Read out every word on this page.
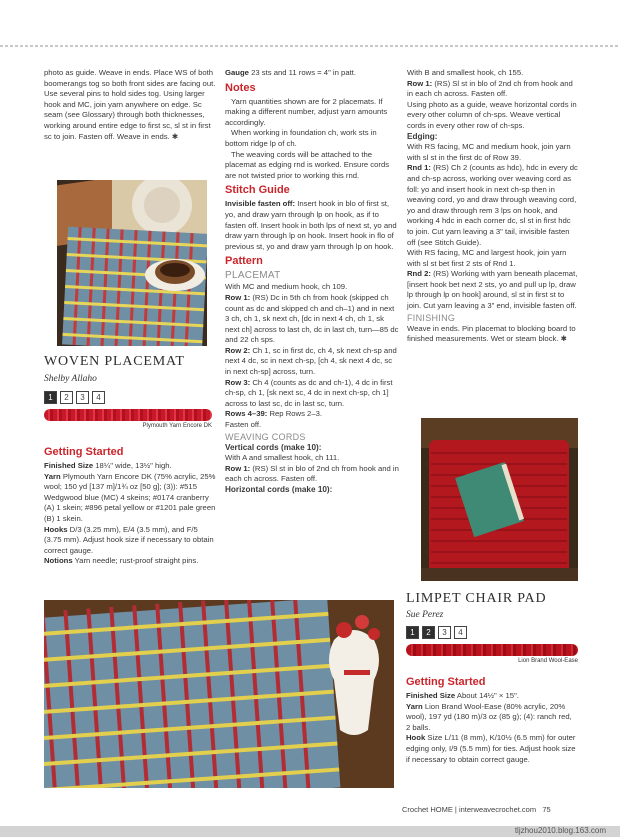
photo as guide. Weave in ends. Place WS of both boomerangs tog so both front sides are facing out. Use several pins to hold sides tog. Using larger hook and MC, join yarn anywhere on edge. Sc seam (see Glossary) through both thicknesses, working around entire edge to first sc, sl st in first sc to join. Fasten off. Weave in ends. ✱

WOVEN PLACEMAT
Shelby Allaho
1	2	3	4
Plymouth Yarn Encore DK
Getting Started

Finished Size 18¼" wide, 13½" high.

Yarn Plymouth Yarn Encore DK (75% acrylic, 25% wool; 150 yd [137 m]/1¾ oz [50 g]; (3)): #515 Wedgwood blue (MC) 4 skeins; #0174 cranberry (A) 1 skein; #896 petal yellow or #1201 pale green (B) 1 skein.

Hooks D/3 (3.25 mm), E/4 (3.5 mm), and F/5 (3.75 mm). Adjust hook size if necessary to obtain correct gauge.

Notions Yarn needle; rust-proof straight pins.

Gauge 23 sts and 11 rows = 4" in patt.

Notes

Yarn quantities shown are for 2 placemats. If making a different number, adjust yarn amounts accordingly.

When working in foundation ch, work sts in bottom ridge lp of ch.

The weaving cords will be attached to the placemat as edging rnd is worked. Ensure cords are not twisted prior to working this rnd.

Stitch Guide

Invisible fasten off: Insert hook in blo of first st, yo, and draw yarn through lp on hook, as if to fasten off. Insert hook in both lps of next st, yo and draw yarn through lp on hook. Insert hook in flo of previous st, yo and draw yarn through lp on hook.

Pattern
PLACEMAT

With MC and medium hook, ch 109.

Row 1: (RS) Dc in 5th ch from hook (skipped ch count as dc and skipped ch and ch–1) and in next 3 ch, ch 1, sk next ch, [dc in next 4 ch, ch 1, sk next ch] across to last ch, dc in last ch, turn—85 dc and 22 ch sps.

Row 2: Ch 1, sc in first dc, ch 4, sk next ch-sp and next 4 dc, sc in next ch-sp, [ch 4, sk next 4 dc, sc in next ch-sp] across, turn.

Row 3: Ch 4 (counts as dc and ch-1), 4 dc in first ch-sp, ch 1, [sk next sc, 4 dc in next ch-sp, ch 1] across to last sc, dc in last sc, turn.

Rows 4–39: Rep Rows 2–3.

Fasten off.

WEAVING CORDS
Vertical cords (make 10):

With A and smallest hook, ch 111.

Row 1: (RS) Sl st in blo of 2nd ch from hook and in each ch across. Fasten off.

Horizontal cords (make 10):

With B and smallest hook, ch 155.

Row 1: (RS) Sl st in blo of 2nd ch from hook and in each ch across. Fasten off.

Using photo as a guide, weave horizontal cords in every other column of ch-sps. Weave vertical cords in every other row of ch-sps.

Edging:

With RS facing, MC and medium hook, join yarn with sl st in the first dc of Row 39.

Rnd 1: (RS) Ch 2 (counts as hdc), hdc in every dc and ch-sp across, working over weaving cord as foll: yo and insert hook in next ch-sp then in weaving cord, yo and draw through weaving cord, yo and draw through rem 3 lps on hook, and working 4 hdc in each corner dc, sl st in first hdc to join. Cut yarn leaving a 3" tail, invisible fasten off (see Stitch Guide).

With RS facing, MC and largest hook, join yarn with sl st bet first 2 sts of Rnd 1.

Rnd 2: (RS) Working with yarn beneath placemat, [insert hook bet next 2 sts, yo and pull up lp, draw lp through lp on hook] around, sl st in first st to join. Cut yarn leaving a 3" end, invisible fasten off.

FINISHING

Weave in ends. Pin placemat to blocking board to finished measurements. Wet or steam block. ✱

LIMPET CHAIR PAD
Sue Perez
1	2	3	4
Lion Brand Wool-Ease
Getting Started

Finished Size About 14½" × 15".

Yarn Lion Brand Wool-Ease (80% acrylic, 20% wool), 197 yd (180 m)/3 oz (85 g); (4): ranch red, 2 balls.

Hook Size L/11 (8 mm), K/10½ (6.5 mm) for outer edging only, I/9 (5.5 mm) for ties. Adjust hook size if necessary to obtain correct gauge.

Crochet HOME | interweavecrochet.com 75
tljzhou2010.blog.163.com
